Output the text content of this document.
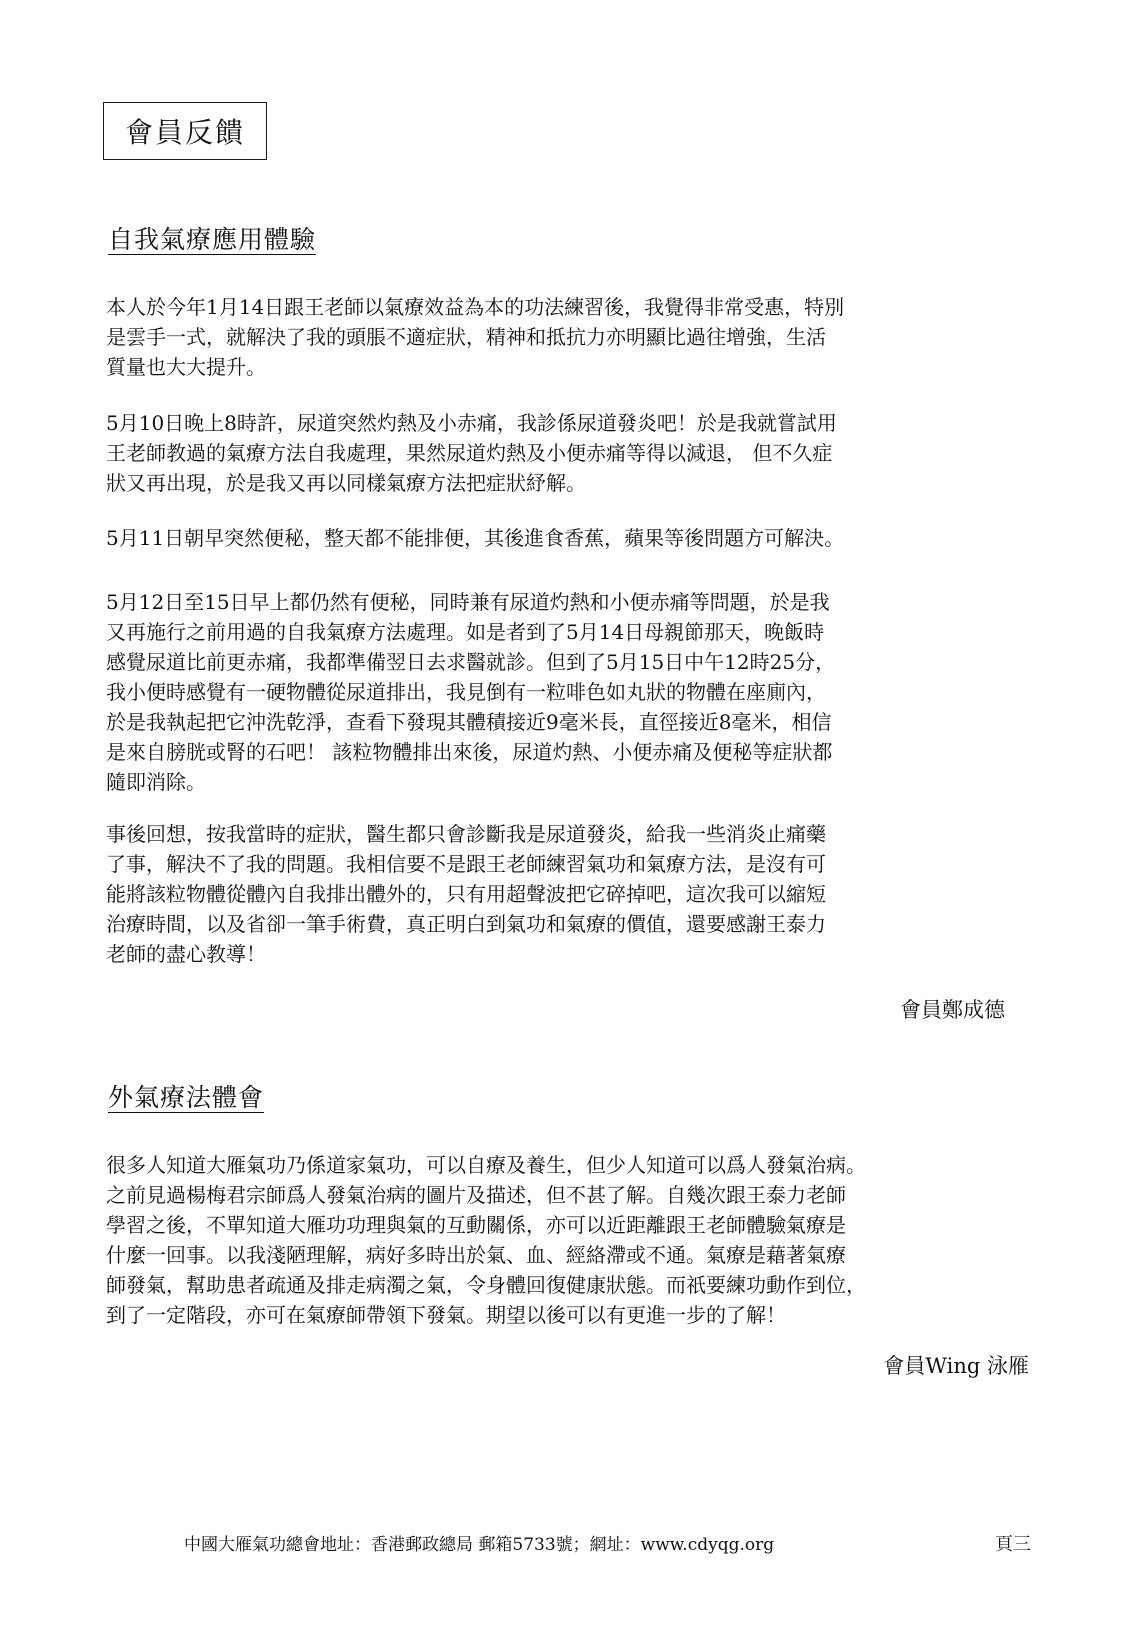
會員反饋
自我氣療應用體驗
本人於今年1月14日跟王老師以氣療效益為本的功法練習後，我覺得非常受惠，特別
是雲手一式，就解決了我的頭脹不適症狀，精神和抵抗力亦明顯比過往增強，生活
質量也大大提升。
5月10日晚上8時許，尿道突然灼熱及小赤痛，我診係尿道發炎吧！於是我就嘗試用
王老師教過的氣療方法自我處理，果然尿道灼熱及小便赤痛等得以減退， 但不久症
狀又再出現，於是我又再以同樣氣療方法把症狀紓解。
5月11日朝早突然便秘，整天都不能排便，其後進食香蕉，蘋果等後問題方可解決。
5月12日至15日早上都仍然有便秘，同時兼有尿道灼熱和小便赤痛等問題，於是我
又再施行之前用過的自我氣療方法處理。如是者到了5月14日母親節那天，晚飯時
感覺尿道比前更赤痛，我都準備翌日去求醫就診。但到了5月15日中午12時25分，
我小便時感覺有一硬物體從尿道排出，我見倒有一粒啡色如丸狀的物體在座廁內，
於是我執起把它沖洗乾淨，查看下發現其體積接近9毫米長，直徑接近8毫米，相信
是來自膀胱或腎的石吧！ 該粒物體排出來後，尿道灼熱、小便赤痛及便秘等症狀都
隨即消除。
事後回想，按我當時的症狀，醫生都只會診斷我是尿道發炎，給我一些消炎止痛藥
了事，解決不了我的問題。我相信要不是跟王老師練習氣功和氣療方法，是沒有可
能將該粒物體從體內自我排出體外的，只有用超聲波把它碎掉吧，這次我可以縮短
治療時間，以及省卻一筆手術費，真正明白到氣功和氣療的價值，還要感謝王泰力
老師的盡心教導！
會員鄭成德
外氣療法體會
很多人知道大雁氣功乃係道家氣功，可以自療及養生，但少人知道可以爲人發氣治病。
之前見過楊梅君宗師爲人發氣治病的圖片及描述，但不甚了解。自幾次跟王泰力老師
學習之後，不單知道大雁功功理與氣的互動關係，亦可以近距離跟王老師體驗氣療是
什麼一回事。以我淺陋理解，病好多時出於氣、血、經絡滯或不通。氣療是藉著氣療
師發氣，幫助患者疏通及排走病濁之氣，令身體回復健康狀態。而祇要練功動作到位，
到了一定階段，亦可在氣療師帶領下發氣。期望以後可以有更進一步的了解！
會員Wing 泳雁
中國大雁氣功總會地址：香港郵政總局 郵箱5733號；網址：www.cdyqg.org	頁三
